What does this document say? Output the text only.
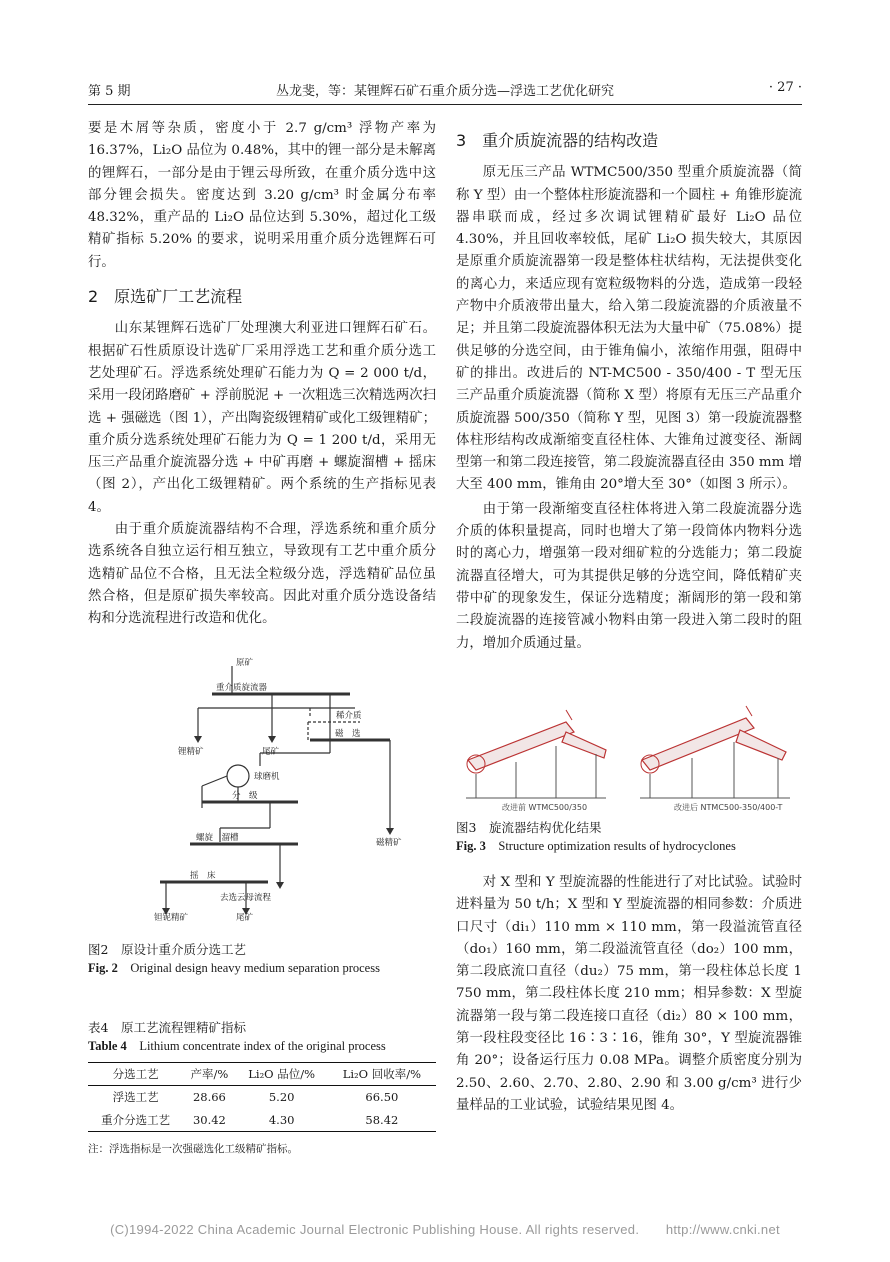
第 5 期	丛龙斐，等：某锂辉石矿石重介质分选—浮选工艺优化研究	· 27 ·

要是木屑等杂质，密度小于 2.7 g/cm³ 浮物产率为 16.37%，Li₂O 品位为 0.48%，其中的锂一部分是未解离的锂辉石，一部分是由于锂云母所致，在重介质分选中这部分锂会损失。密度达到 3.20 g/cm³ 时金属分布率 48.32%，重产品的 Li₂O 品位达到 5.30%，超过化工级精矿指标 5.20% 的要求，说明采用重介质分选锂辉石可行。

2　原选矿厂工艺流程

山东某锂辉石选矿厂处理澳大利亚进口锂辉石矿石。根据矿石性质原设计选矿厂采用浮选工艺和重介质分选工艺处理矿石。浮选系统处理矿石能力为 Q = 2 000 t/d，采用一段闭路磨矿 + 浮前脱泥 + 一次粗选三次精选两次扫选 + 强磁选（图 1），产出陶瓷级锂精矿或化工级锂精矿；重介质分选系统处理矿石能力为 Q = 1 200 t/d，采用无压三产品重介旋流器分选 + 中矿再磨 + 螺旋溜槽 + 摇床（图 2），产出化工级锂精矿。两个系统的生产指标见表 4。

由于重介质旋流器结构不合理，浮选系统和重介质分选系统各自独立运行相互独立，导致现有工艺中重介质分选精矿品位不合格，且无法全粒级分选，浮选精矿品位虽然合格，但是原矿损失率较高。因此对重介质分选设备结构和分选流程进行改造和优化。

原矿
重介质旋流器
稀介质
磁　选
锂精矿	尾矿
磁精矿
球磨机
分　级
螺旋　溜槽
摇　床
去选云母流程
钽铌精矿	尾矿
图2　原设计重介质分选工艺
Fig. 2　 Original design heavy medium separation process
表4　原工艺流程锂精矿指标
Table 4　 Lithium concentrate index of the original process
分选工艺	产率/%	Li₂O 品位/%	Li₂O 回收率/%
浮选工艺	28.66	5.20	66.50
重介分选工艺	30.42	4.30	58.42
注：浮选指标是一次强磁选化工级精矿指标。
3　重介质旋流器的结构改造

原无压三产品 WTMC500/350 型重介质旋流器（简称 Y 型）由一个整体柱形旋流器和一个圆柱 + 角锥形旋流器串联而成，经过多次调试锂精矿最好 Li₂O 品位 4.30%，并且回收率较低，尾矿 Li₂O 损失较大，其原因是原重介质旋流器第一段是整体柱状结构，无法提供变化的离心力，来适应现有宽粒级物料的分选，造成第一段轻产物中介质液带出量大，给入第二段旋流器的介质液量不足；并且第二段旋流器体积无法为大量中矿（75.08%）提供足够的分选空间，由于锥角偏小，浓缩作用强，阻碍中矿的排出。改进后的 NT-MC500 - 350/400 - T 型无压三产品重介质旋流器（简称 X 型）将原有无压三产品重介质旋流器 500/350（简称 Y 型，见图 3）第一段旋流器整体柱形结构改成渐缩变直径柱体、大锥角过渡变径、渐阔型第一和第二段连接管，第二段旋流器直径由 350 mm 增大至 400 mm，锥角由 20°增大至 30°（如图 3 所示）。

由于第一段渐缩变直径柱体将进入第二段旋流器分选介质的体积量提高，同时也增大了第一段筒体内物料分选时的离心力，增强第一段对细矿粒的分选能力；第二段旋流器直径增大，可为其提供足够的分选空间，降低精矿夹带中矿的现象发生，保证分选精度；渐阔形的第一段和第二段旋流器的连接管减小物料由第一段进入第二段时的阻力，增加介质通过量。

改进前 WTMC500/350	改进后 NTMC500-350/400-T
图3　旋流器结构优化结果
Fig. 3　 Structure optimization results of hydrocyclones

对 X 型和 Y 型旋流器的性能进行了对比试验。试验时进料量为 50 t/h；X 型和 Y 型旋流器的相同参数：介质进口尺寸（di₁）110 mm × 110 mm，第一段溢流管直径（do₁）160 mm，第二段溢流管直径（do₂）100 mm，第二段底流口直径（du₂）75 mm，第一段柱体总长度 1 750 mm，第二段柱体长度 210 mm；相异参数：X 型旋流器第一段与第二段连接口直径（di₂）80 × 100 mm，第一段柱段变径比 16∶3∶16，锥角 30°，Y 型旋流器锥角 20°；设备运行压力 0.08 MPa。调整介质密度分别为 2.50、2.60、2.70、2.80、2.90 和 3.00 g/cm³ 进行少量样品的工业试验，试验结果见图 4。

(C)1994-2022 China Academic Journal Electronic Publishing House. All rights reserved.　　http://www.cnki.net
